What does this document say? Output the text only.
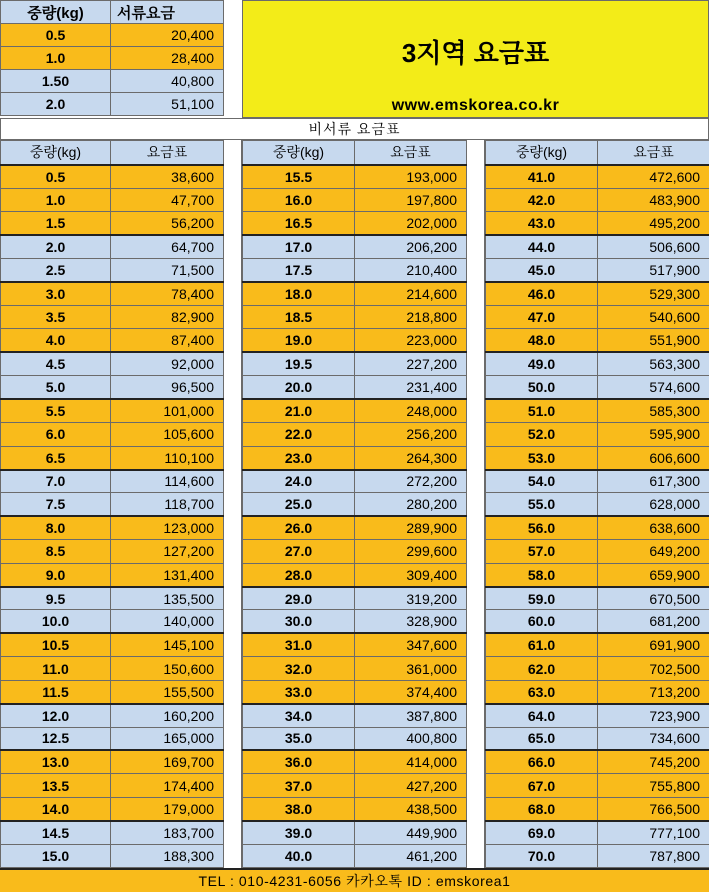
중량(kg)	서류요금
0.5	20,400
1.0	28,400
1.50	40,800
2.0	51,100
3지역 요금표
www.emskorea.co.kr
비서류 요금표
중량(kg)	요금표
0.5	38,600
1.0	47,700
1.5	56,200
2.0	64,700
2.5	71,500
3.0	78,400
3.5	82,900
4.0	87,400
4.5	92,000
5.0	96,500
5.5	101,000
6.0	105,600
6.5	110,100
7.0	114,600
7.5	118,700
8.0	123,000
8.5	127,200
9.0	131,400
9.5	135,500
10.0	140,000
10.5	145,100
11.0	150,600
11.5	155,500
12.0	160,200
12.5	165,000
13.0	169,700
13.5	174,400
14.0	179,000
14.5	183,700
15.0	188,300
중량(kg)	요금표
15.5	193,000
16.0	197,800
16.5	202,000
17.0	206,200
17.5	210,400
18.0	214,600
18.5	218,800
19.0	223,000
19.5	227,200
20.0	231,400
21.0	248,000
22.0	256,200
23.0	264,300
24.0	272,200
25.0	280,200
26.0	289,900
27.0	299,600
28.0	309,400
29.0	319,200
30.0	328,900
31.0	347,600
32.0	361,000
33.0	374,400
34.0	387,800
35.0	400,800
36.0	414,000
37.0	427,200
38.0	438,500
39.0	449,900
40.0	461,200
중량(kg)	요금표
41.0	472,600
42.0	483,900
43.0	495,200
44.0	506,600
45.0	517,900
46.0	529,300
47.0	540,600
48.0	551,900
49.0	563,300
50.0	574,600
51.0	585,300
52.0	595,900
53.0	606,600
54.0	617,300
55.0	628,000
56.0	638,600
57.0	649,200
58.0	659,900
59.0	670,500
60.0	681,200
61.0	691,900
62.0	702,500
63.0	713,200
64.0	723,900
65.0	734,600
66.0	745,200
67.0	755,800
68.0	766,500
69.0	777,100
70.0	787,800
TEL : 010-4231-6056 카카오톡 ID : emskorea1
